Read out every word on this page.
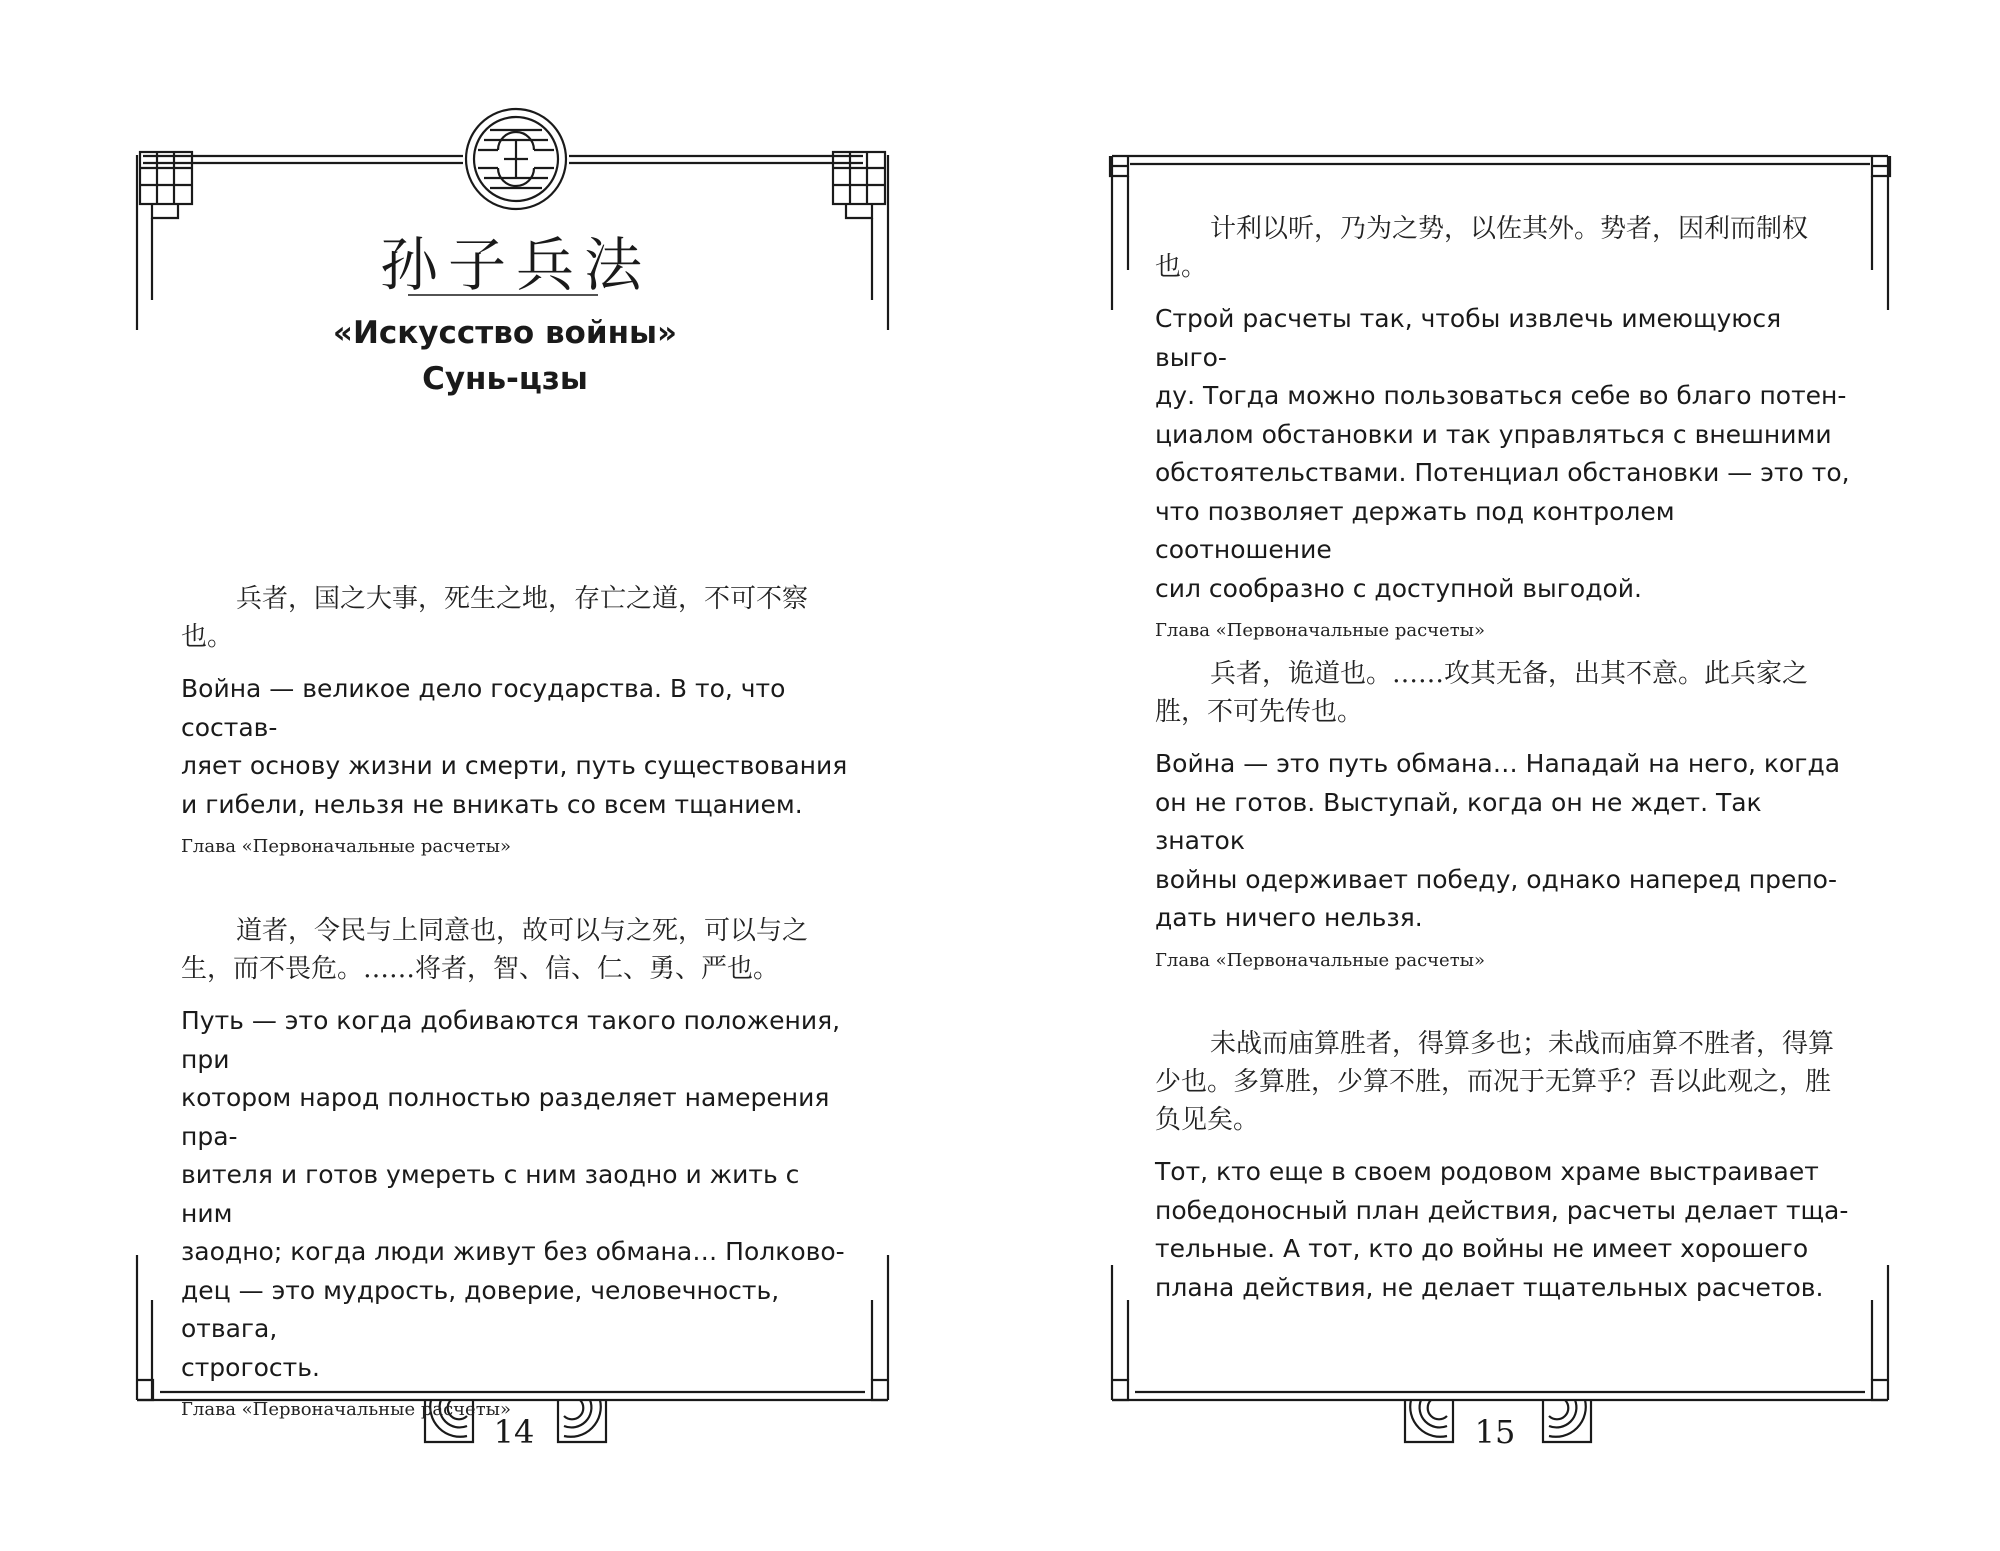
孙子兵法
«Искусство войны»
Сунь-цзы

兵者，国之大事，死生之地，存亡之道，不可不察也。

Война — великое дело государства. В то, что состав-
ляет основу жизни и смерти, путь существования
и гибели, нельзя не вникать со всем тщанием.

Глава «Первоначальные расчеты»

道者，令民与上同意也，故可以与之死，可以与之生，而不畏危。……将者，智、信、仁、勇、严也。

Путь — это когда добиваются такого положения, при
котором народ полностью разделяет намерения пра-
вителя и готов умереть с ним заодно и жить с ним
заодно; когда люди живут без обмана… Полково-
дец — это мудрость, доверие, человечность, отвага,
строгость.

Глава «Первоначальные расчеты»

14

计利以听，乃为之势，以佐其外。势者，因利而制权也。

Строй расчеты так, чтобы извлечь имеющуюся выго-
ду. Тогда можно пользоваться себе во благо потен-
циалом обстановки и так управляться с внешними
обстоятельствами. Потенциал обстановки — это то,
что позволяет держать под контролем соотношение
сил сообразно с доступной выгодой.

Глава «Первоначальные расчеты»

兵者，诡道也。……攻其无备，出其不意。此兵家之胜，不可先传也。

Война — это путь обмана… Нападай на него, когда
он не готов. Выступай, когда он не ждет. Так знаток
войны одерживает победу, однако наперед препо-
дать ничего нельзя.

Глава «Первоначальные расчеты»

未战而庙算胜者，得算多也；未战而庙算不胜者，得算少也。多算胜，少算不胜，而况于无算乎？吾以此观之，胜负见矣。

Тот, кто еще в своем родовом храме выстраивает
победоносный план действия, расчеты делает тща-
тельные. А тот, кто до войны не имеет хорошего
плана действия, не делает тщательных расчетов.
15
